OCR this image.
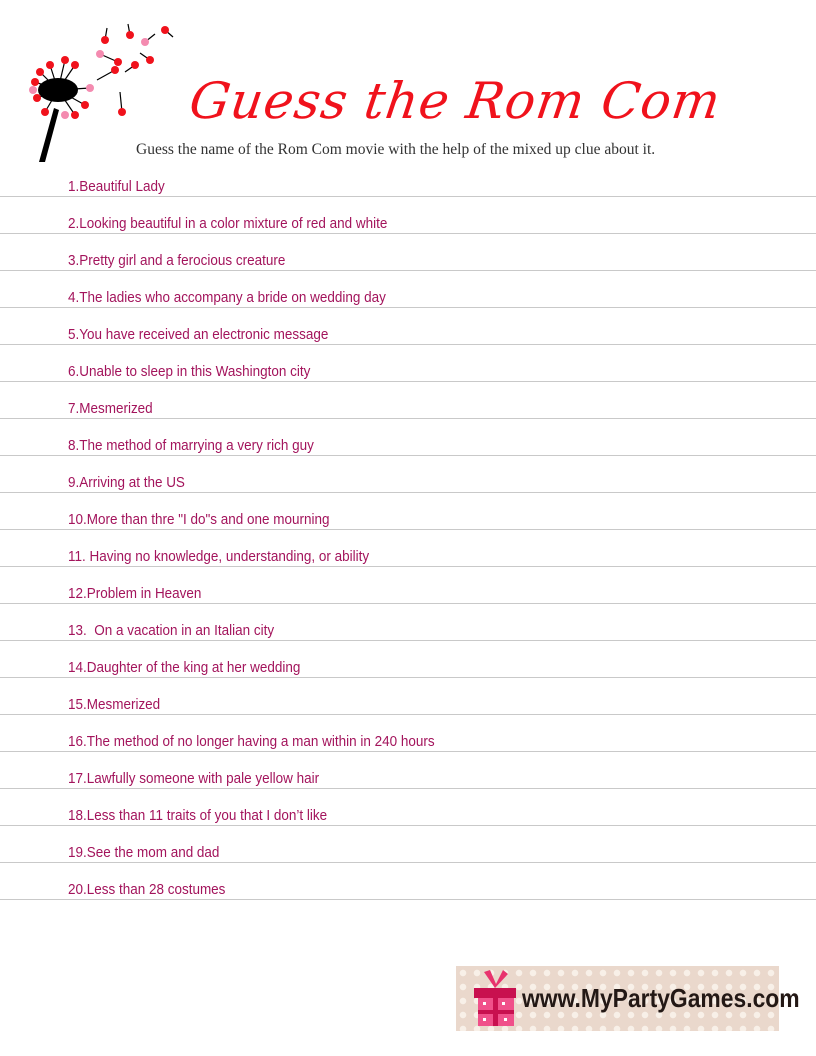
Guess the Rom Com
Guess the name of the Rom Com movie with the help of the mixed up clue about it.
1.Beautiful Lady
2.Looking beautiful in a color mixture of red and white
3.Pretty girl and a ferocious creature
4.The ladies who accompany a bride on wedding day
5.You have received an electronic message
6.Unable to sleep in this Washington city
7.Mesmerized
8.The method of marrying a very rich guy
9.Arriving at the US
10.More than thre "I do"s and one mourning
11. Having no knowledge, understanding, or ability
12.Problem in Heaven
13.  On a vacation in an Italian city
14.Daughter of the king at her wedding
15.Mesmerized
16.The method of no longer having a man within in 240 hours
17.Lawfully someone with pale yellow hair
18.Less than 11 traits of you that I don’t like
19.See the mom and dad
20.Less than 28 costumes
www.MyPartyGames.com
